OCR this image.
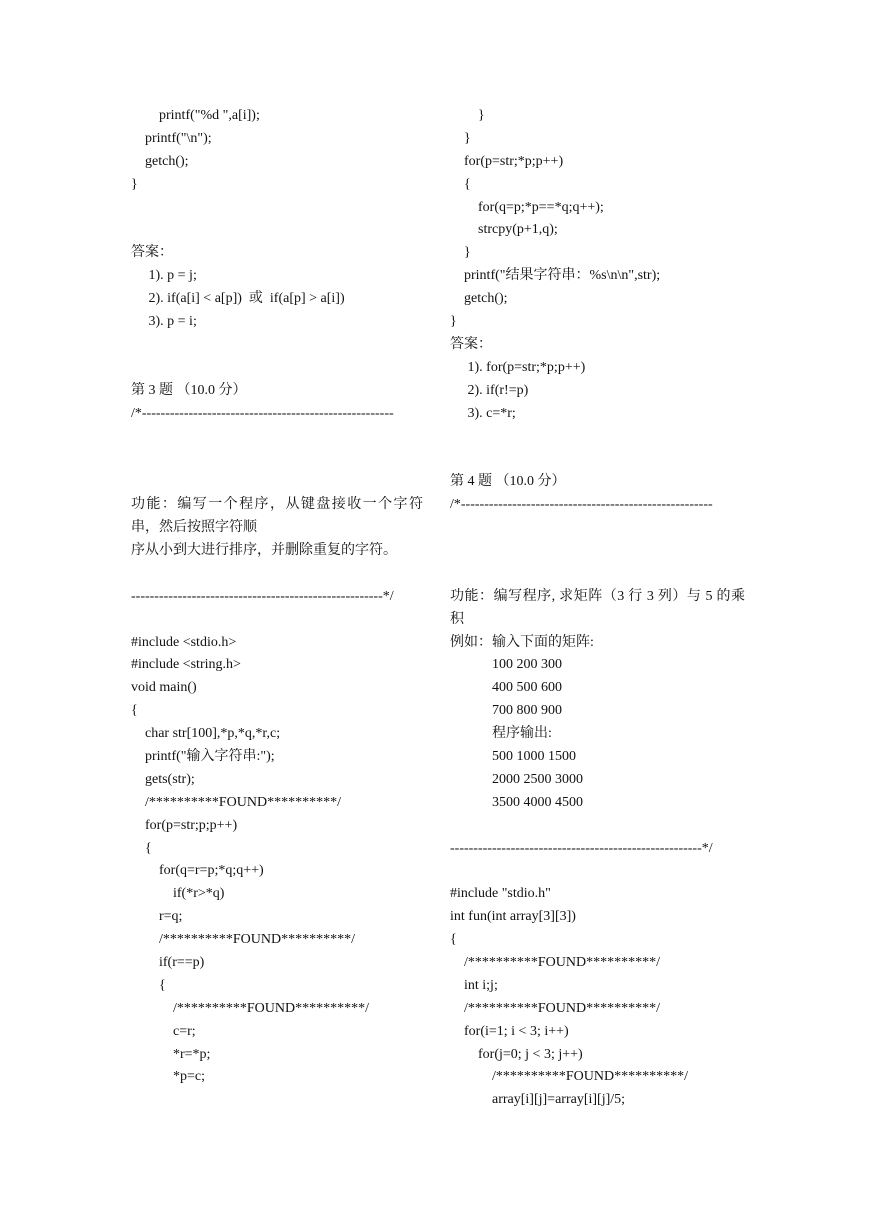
printf("%d ",a[i]);
printf("\n");
getch();
}

答案：
1). p = j;
2). if(a[i] < a[p])  或  if(a[p] > a[i])
3). p = i;

第 3 题 （10.0 分）
/*------------------------------------------------------

功能：编写一个程序，从键盘接收一个字符串，然后按照字符顺
序从小到大进行排序，并删除重复的字符。

------------------------------------------------------*/

#include <stdio.h>
#include <string.h>
void main()
{
char str[100],*p,*q,*r,c;
printf("输入字符串:");
gets(str);
/**********FOUND**********/
for(p=str;p;p++)
{
for(q=r=p;*q;q++)
if(*r>*q)
r=q;
/**********FOUND**********/
if(r==p)
{
/**********FOUND**********/
c=r;
*r=*p;
*p=c;
}
}
for(p=str;*p;p++)
{
for(q=p;*p==*q;q++);
strcpy(p+1,q);
}
printf("结果字符串：%s\n\n",str);
getch();
}
答案：
1). for(p=str;*p;p++)
2). if(r!=p)
3). c=*r;

第 4 题 （10.0 分）
/*------------------------------------------------------

功能：编写程序, 求矩阵（3 行 3 列）与 5 的乘积
例如：输入下面的矩阵:
100 200 300
400 500 600
700 800 900
程序输出:
500 1000 1500
2000 2500 3000
3500 4000 4500

------------------------------------------------------*/

#include "stdio.h"
int fun(int array[3][3])
{
/**********FOUND**********/
int i;j;
/**********FOUND**********/
for(i=1; i < 3; i++)
for(j=0; j < 3; j++)
/**********FOUND**********/
array[i][j]=array[i][j]/5;
